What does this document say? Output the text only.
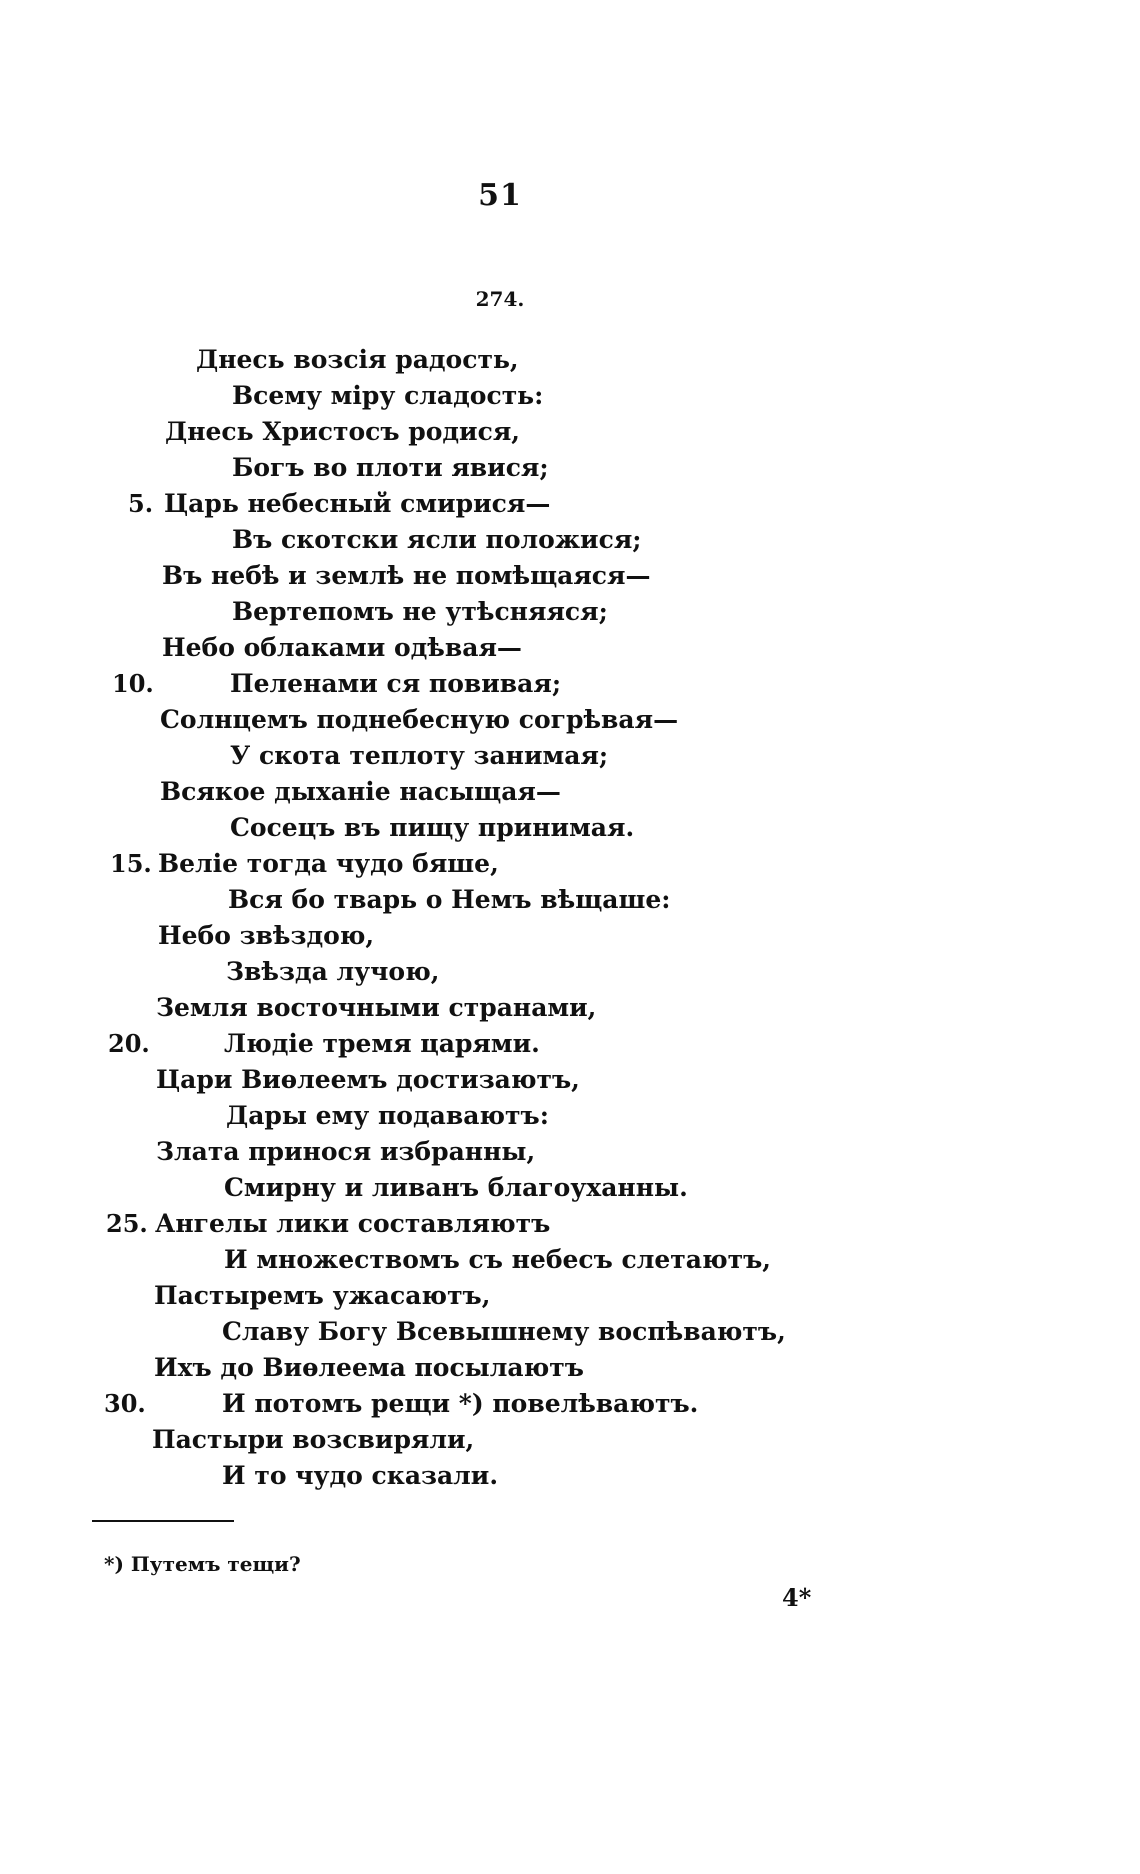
51
274.
Днесь возсія радость,
Всему міру сладость:
Днесь Христосъ родися,
Богъ во плоти явися;
5. Царь небесный смирися—
Въ скотски ясли положися;
Въ небѣ и землѣ не помѣщаяся—
Вертепомъ не утѣсняяся;
Небо облаками одѣвая—
10.	Пеленами ся повивая;
Солнцемъ поднебесную согрѣвая—
У скота теплоту занимая;
Всякое дыханіе насыщая—
Сосецъ въ пищу принимая.
15. Веліе тогда чудо бяше,
Вся бо тварь о Немъ вѣщаше:
Небо звѣздою,
Звѣзда лучою,
Земля восточными странами,
20.	Людіе тремя царями.
Цари Виѳлеемъ достизаютъ,
Дары ему подаваютъ:
Злата принося избранны,
Смирну и ливанъ благоуханны.
25. Ангелы лики составляютъ
И множествомъ съ небесъ слетаютъ,
Пастыремъ ужасаютъ,
Славу Богу Всевышнему воспѣваютъ,
Ихъ до Виѳлеема посылаютъ
30.	И потомъ рещи *) повелѣваютъ.
Пастыри возсвиряли,
И то чудо сказали.
*) Путемъ тещи?
4*
